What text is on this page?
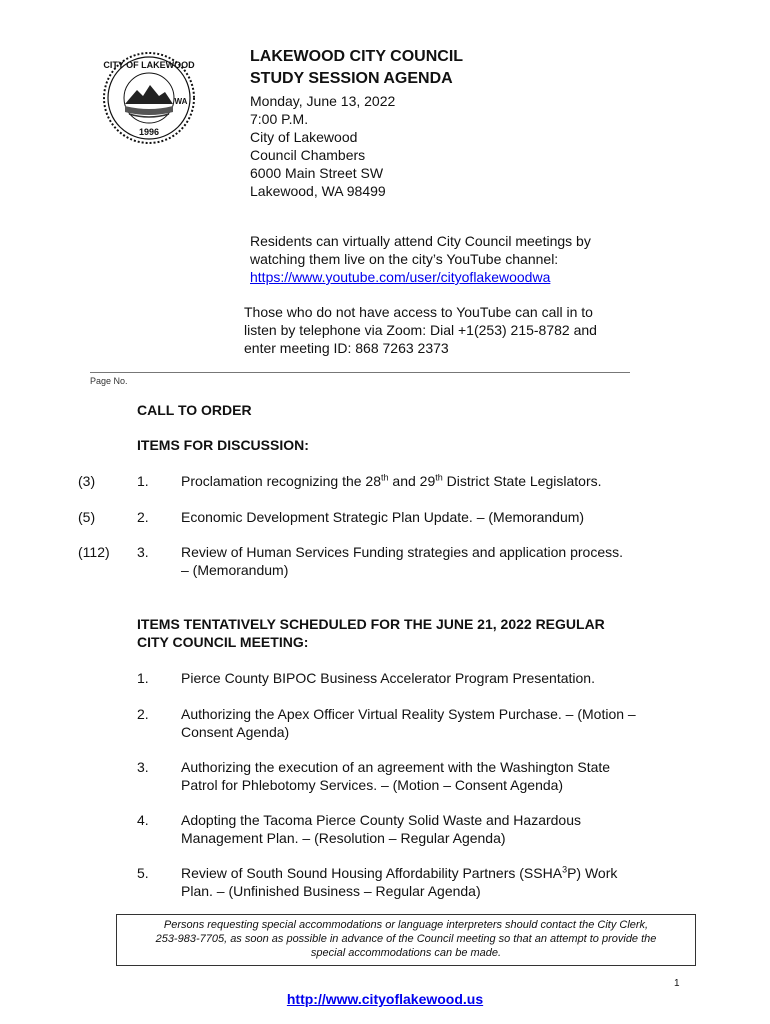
CITY OF LAKEWOOD
WA
1996
LAKEWOOD CITY COUNCIL
STUDY SESSION AGENDA
Monday, June 13, 2022
7:00 P.M.
City of Lakewood
Council Chambers
6000 Main Street SW
Lakewood, WA 98499
Residents can virtually attend City Council meetings by
watching them live on the city’s YouTube channel:
https://www.youtube.com/user/cityoflakewoodwa
Those who do not have access to YouTube can call in to
listen by telephone via Zoom: Dial +1(253) 215-8782 and
enter meeting ID: 868 7263 2373
Page No.
CALL TO ORDER
ITEMS FOR DISCUSSION:
(3)	1. Proclamation recognizing the 28th and 29th District State Legislators.
(5)	2. Economic Development Strategic Plan Update. – (Memorandum)
(112) 3. Review of Human Services Funding strategies and application process.
– (Memorandum)
ITEMS TENTATIVELY SCHEDULED FOR THE JUNE 21, 2022 REGULAR
CITY COUNCIL MEETING:
1. Pierce County BIPOC Business Accelerator Program Presentation.
2. Authorizing the Apex Officer Virtual Reality System Purchase. – (Motion –
Consent Agenda)
3. Authorizing the execution of an agreement with the Washington State
Patrol for Phlebotomy Services. – (Motion – Consent Agenda)
4. Adopting the Tacoma Pierce County Solid Waste and Hazardous
Management Plan. – (Resolution – Regular Agenda)
5. Review of South Sound Housing Affordability Partners (SSHA$^3$P) Work
Plan. – (Unfinished Business – Regular Agenda)
Persons requesting special accommodations or language interpreters should contact the City Clerk,
253-983-7705, as soon as possible in advance of the Council meeting so that an attempt to provide the
special accommodations can be made.
1
http://www.cityoflakewood.us
